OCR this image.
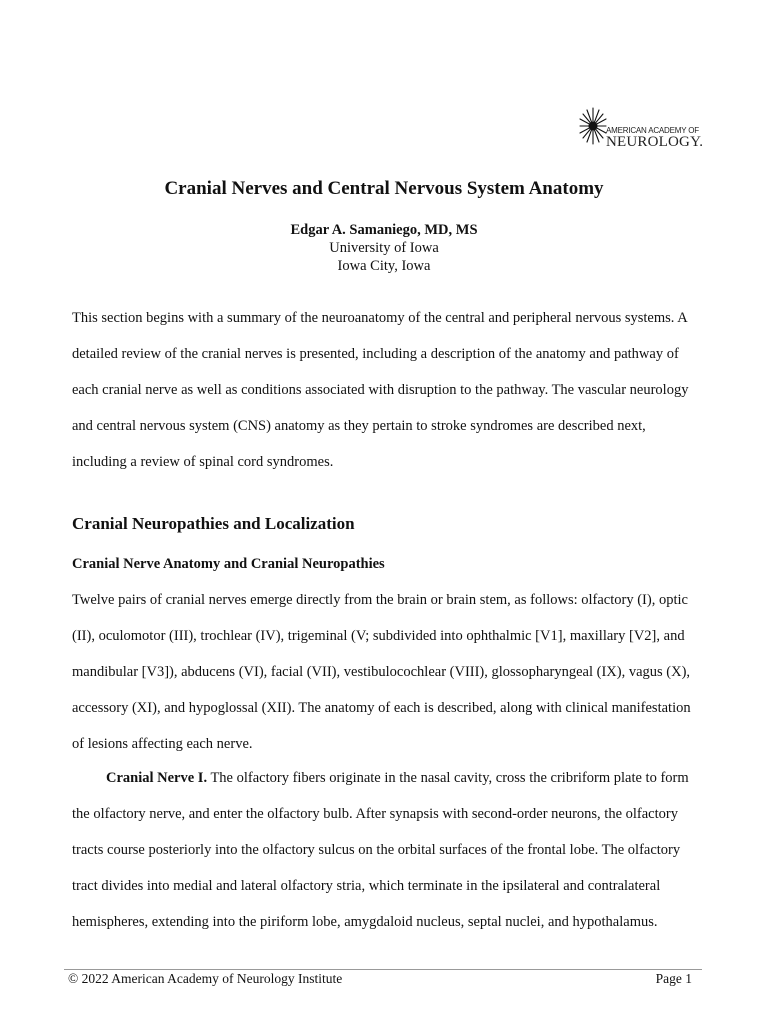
AMERICAN ACADEMY OF
NEUROLOGY.
Cranial Nerves and Central Nervous System Anatomy
Edgar A. Samaniego, MD, MS
University of Iowa
Iowa City, Iowa

This section begins with a summary of the neuroanatomy of the central and peripheral nervous systems. A detailed review of the cranial nerves is presented, including a description of the anatomy and pathway of each cranial nerve as well as conditions associated with disruption to the pathway. The vascular neurology and central nervous system (CNS) anatomy as they pertain to stroke syndromes are described next, including a review of spinal cord syndromes.

Cranial Neuropathies and Localization
Cranial Nerve Anatomy and Cranial Neuropathies

Twelve pairs of cranial nerves emerge directly from the brain or brain stem, as follows: olfactory (I), optic (II), oculomotor (III), trochlear (IV), trigeminal (V; subdivided into ophthalmic [V1], maxillary [V2], and mandibular [V3]), abducens (VI), facial (VII), vestibulocochlear (VIII), glossopharyngeal (IX), vagus (X), accessory (XI), and hypoglossal (XII). The anatomy of each is described, along with clinical manifestation of lesions affecting each nerve.

Cranial Nerve I. The olfactory fibers originate in the nasal cavity, cross the cribriform plate to form the olfactory nerve, and enter the olfactory bulb. After synapsis with second-order neurons, the olfactory tracts course posteriorly into the olfactory sulcus on the orbital surfaces of the frontal lobe. The olfactory tract divides into medial and lateral olfactory stria, which terminate in the ipsilateral and contralateral hemispheres, extending into the piriform lobe, amygdaloid nucleus, septal nuclei, and hypothalamus.

© 2022 American Academy of Neurology Institute	Page 1
